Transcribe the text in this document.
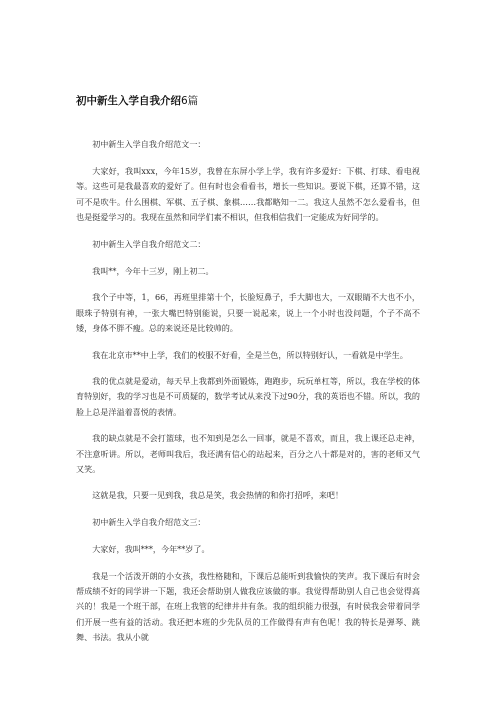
初中新生入学自我介绍6篇

初中新生入学自我介绍范文一：

大家好，我叫xxx，今年15岁，我曾在东屏小学上学，我有许多爱好：下棋、打球、看电视等。这些可是我最喜欢的爱好了。但有时也会看看书，增长一些知识。要说下棋，还算不错，这可不是吹牛。什么围棋、军棋、五子棋、象棋……我都略知一二。我这人虽然不怎么爱看书，但也是挺爱学习的。我现在虽然和同学们素不相识，但我相信我们一定能成为好同学的。

初中新生入学自我介绍范文二：

我叫**，今年十三岁，刚上初二。

我个子中等，1，66，再班里排第十个，长脸短鼻子，手大脚也大，一双眼睛不大也不小，眼珠子特别有神，一张大嘴巴特别能说，只要一说起来，说上一个小时也没问题，个子不高不矮，身体不胖不瘦。总的来说还是比较帅的。

我在北京市**中上学，我们的校服不好看，全是兰色，所以特别好认，一看就是中学生。

我的优点就是爱动，每天早上我都到外面锻炼，跑跑步，玩玩单杠等，所以，我在学校的体育特别好，我的学习也是不可质疑的，数学考试从来没下过90分，我的英语也不错。所以，我的脸上总是洋溢着喜悦的表情。

我的缺点就是不会打篮球，也不知到是怎么一回事，就是不喜欢，而且，我上课还总走神，不注意听讲。所以，老师叫我后，我还满有信心的站起来，百分之八十都是对的，害的老师又气又笑。

这就是我，只要一见到我，我总是笑，我会热情的和你打招呼，来吧！

初中新生入学自我介绍范文三：

大家好，我叫***，今年**岁了。

我是一个活泼开朗的小女孩，我性格随和，下课后总能听到我愉快的笑声。我下课后有时会帮成绩不好的同学讲一下题，我还会帮助别人做我应该做的事。我觉得帮助别人自己也会觉得高兴的！我是一个班干部，在班上我管的纪律井井有条。我的组织能力很强，有时侯我会带着同学们开展一些有益的活动。我还把本班的少先队员的工作做得有声有色呢！我的特长是弹琴、跳舞、书法。我从小就
